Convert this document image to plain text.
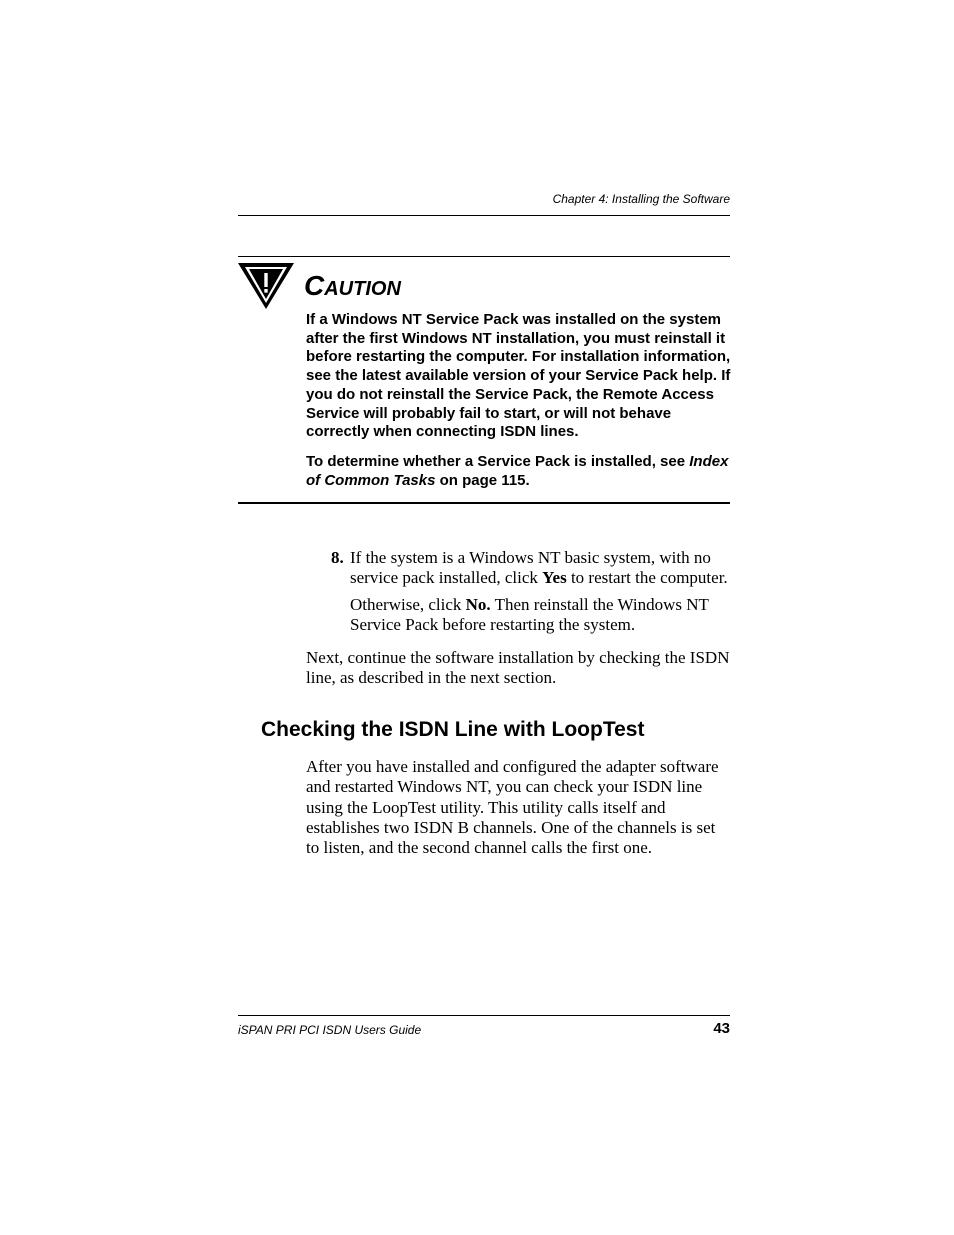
Chapter 4: Installing the Software
CAUTION

If a Windows NT Service Pack was installed on the system after the first Windows NT installation, you must reinstall it before restarting the computer. For installation information, see the latest available version of your Service Pack help. If you do not reinstall the Service Pack, the Remote Access Service will probably fail to start, or will not behave correctly when connecting ISDN lines.

To determine whether a Service Pack is installed, see Index of Common Tasks on page 115.

8. If the system is a Windows NT basic system, with no service pack installed, click Yes to restart the computer.

Otherwise, click No. Then reinstall the Windows NT Service Pack before restarting the system.

Next, continue the software installation by checking the ISDN line, as described in the next section.

Checking the ISDN Line with LoopTest

After you have installed and configured the adapter software and restarted Windows NT, you can check your ISDN line using the LoopTest utility. This utility calls itself and establishes two ISDN B channels. One of the channels is set to listen, and the second channel calls the first one.

iSPAN PRI PCI ISDN Users Guide	43
